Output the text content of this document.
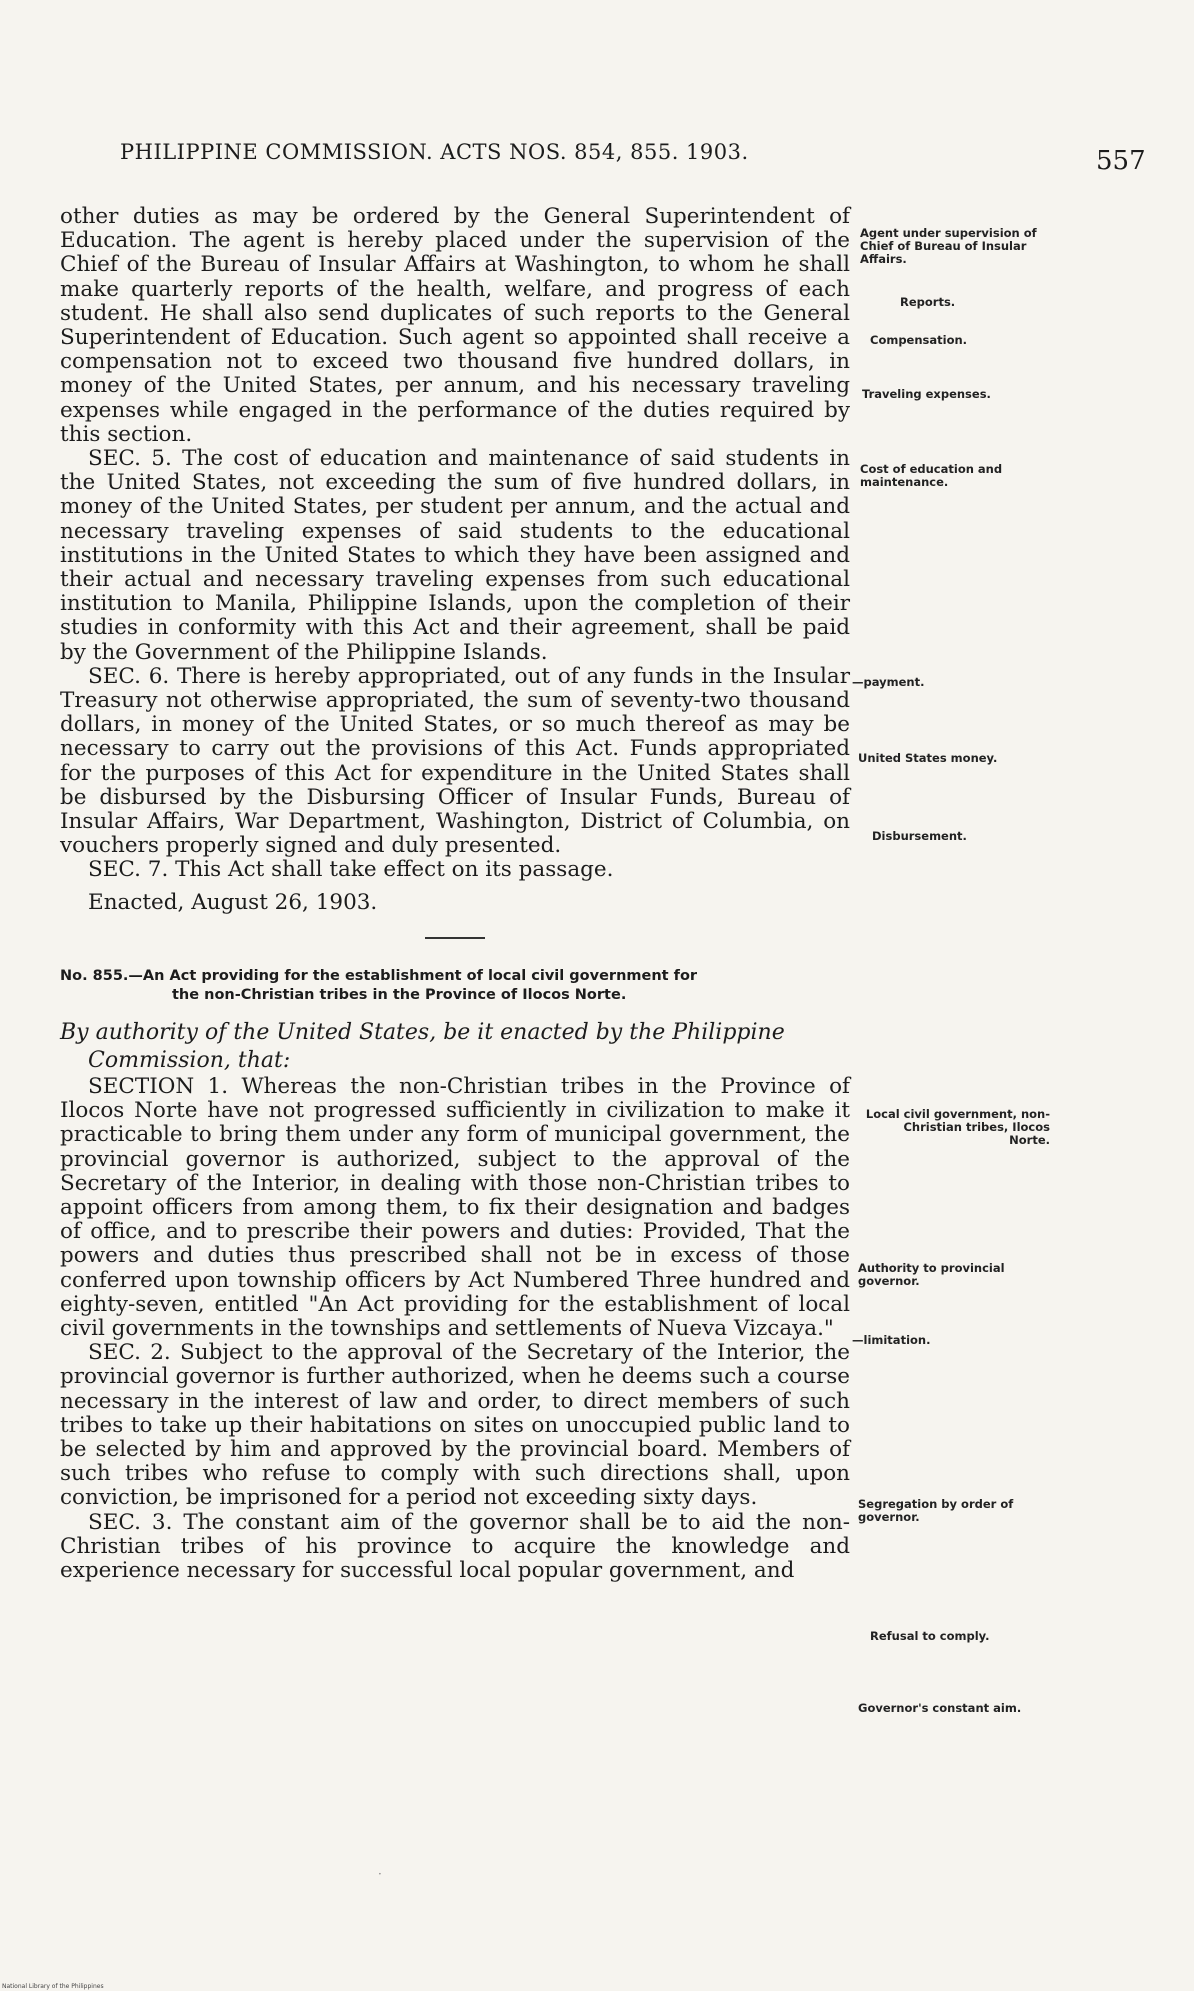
PHILIPPINE COMMISSION. ACTS NOS. 854, 855. 1903.	557

other duties as may be ordered by the General Superintendent of Education. The agent is hereby placed under the supervision of the Chief of the Bureau of Insular Affairs at Washington, to whom he shall make quarterly reports of the health, welfare, and progress of each student. He shall also send duplicates of such reports to the General Superintendent of Education. Such agent so appointed shall receive a compensation not to exceed two thousand five hundred dollars, in money of the United States, per annum, and his necessary traveling expenses while engaged in the performance of the duties required by this section.

SEC. 5. The cost of education and maintenance of said students in the United States, not exceeding the sum of five hundred dollars, in money of the United States, per student per annum, and the actual and necessary traveling expenses of said students to the educational institutions in the United States to which they have been assigned and their actual and necessary traveling expenses from such educational institution to Manila, Philippine Islands, upon the completion of their studies in conformity with this Act and their agreement, shall be paid by the Government of the Philippine Islands.

SEC. 6. There is hereby appropriated, out of any funds in the Insular Treasury not otherwise appropriated, the sum of seventy-two thousand dollars, in money of the United States, or so much thereof as may be necessary to carry out the provisions of this Act. Funds appropriated for the purposes of this Act for expenditure in the United States shall be disbursed by the Disbursing Officer of Insular Funds, Bureau of Insular Affairs, War Department, Washington, District of Columbia, on vouchers properly signed and duly presented.

SEC. 7. This Act shall take effect on its passage.

Enacted, August 26, 1903.

No. 855.—An Act providing for the establishment of local civil government for
the non-Christian tribes in the Province of Ilocos Norte.

By authority of the United States, be it enacted by the Philippine
Commission, that:

SECTION 1. Whereas the non-Christian tribes in the Province of Ilocos Norte have not progressed sufficiently in civilization to make it practicable to bring them under any form of municipal government, the provincial governor is authorized, subject to the approval of the Secretary of the Interior, in dealing with those non-Christian tribes to appoint officers from among them, to fix their designation and badges of office, and to prescribe their powers and duties: Provided, That the powers and duties thus prescribed shall not be in excess of those conferred upon township officers by Act Numbered Three hundred and eighty-seven, entitled "An Act providing for the establishment of local civil governments in the townships and settlements of Nueva Vizcaya."

SEC. 2. Subject to the approval of the Secretary of the Interior, the provincial governor is further authorized, when he deems such a course necessary in the interest of law and order, to direct members of such tribes to take up their habitations on sites on unoccupied public land to be selected by him and approved by the provincial board. Members of such tribes who refuse to comply with such directions shall, upon conviction, be imprisoned for a period not exceeding sixty days.

SEC. 3. The constant aim of the governor shall be to aid the non-Christian tribes of his province to acquire the knowledge and experience necessary for successful local popular government, and

Agent under supervision of Chief of Bureau of Insular Affairs.
Reports.
Compensation.
Traveling expenses.
Cost of education and maintenance.
—payment.
United States money.
Disbursement.
Local civil government, non-Christian tribes, Ilocos Norte.
Authority to provincial governor.
—limitation.
Segregation by order of governor.
Refusal to comply.
Governor's constant aim.
·
National Library of the Philippines
